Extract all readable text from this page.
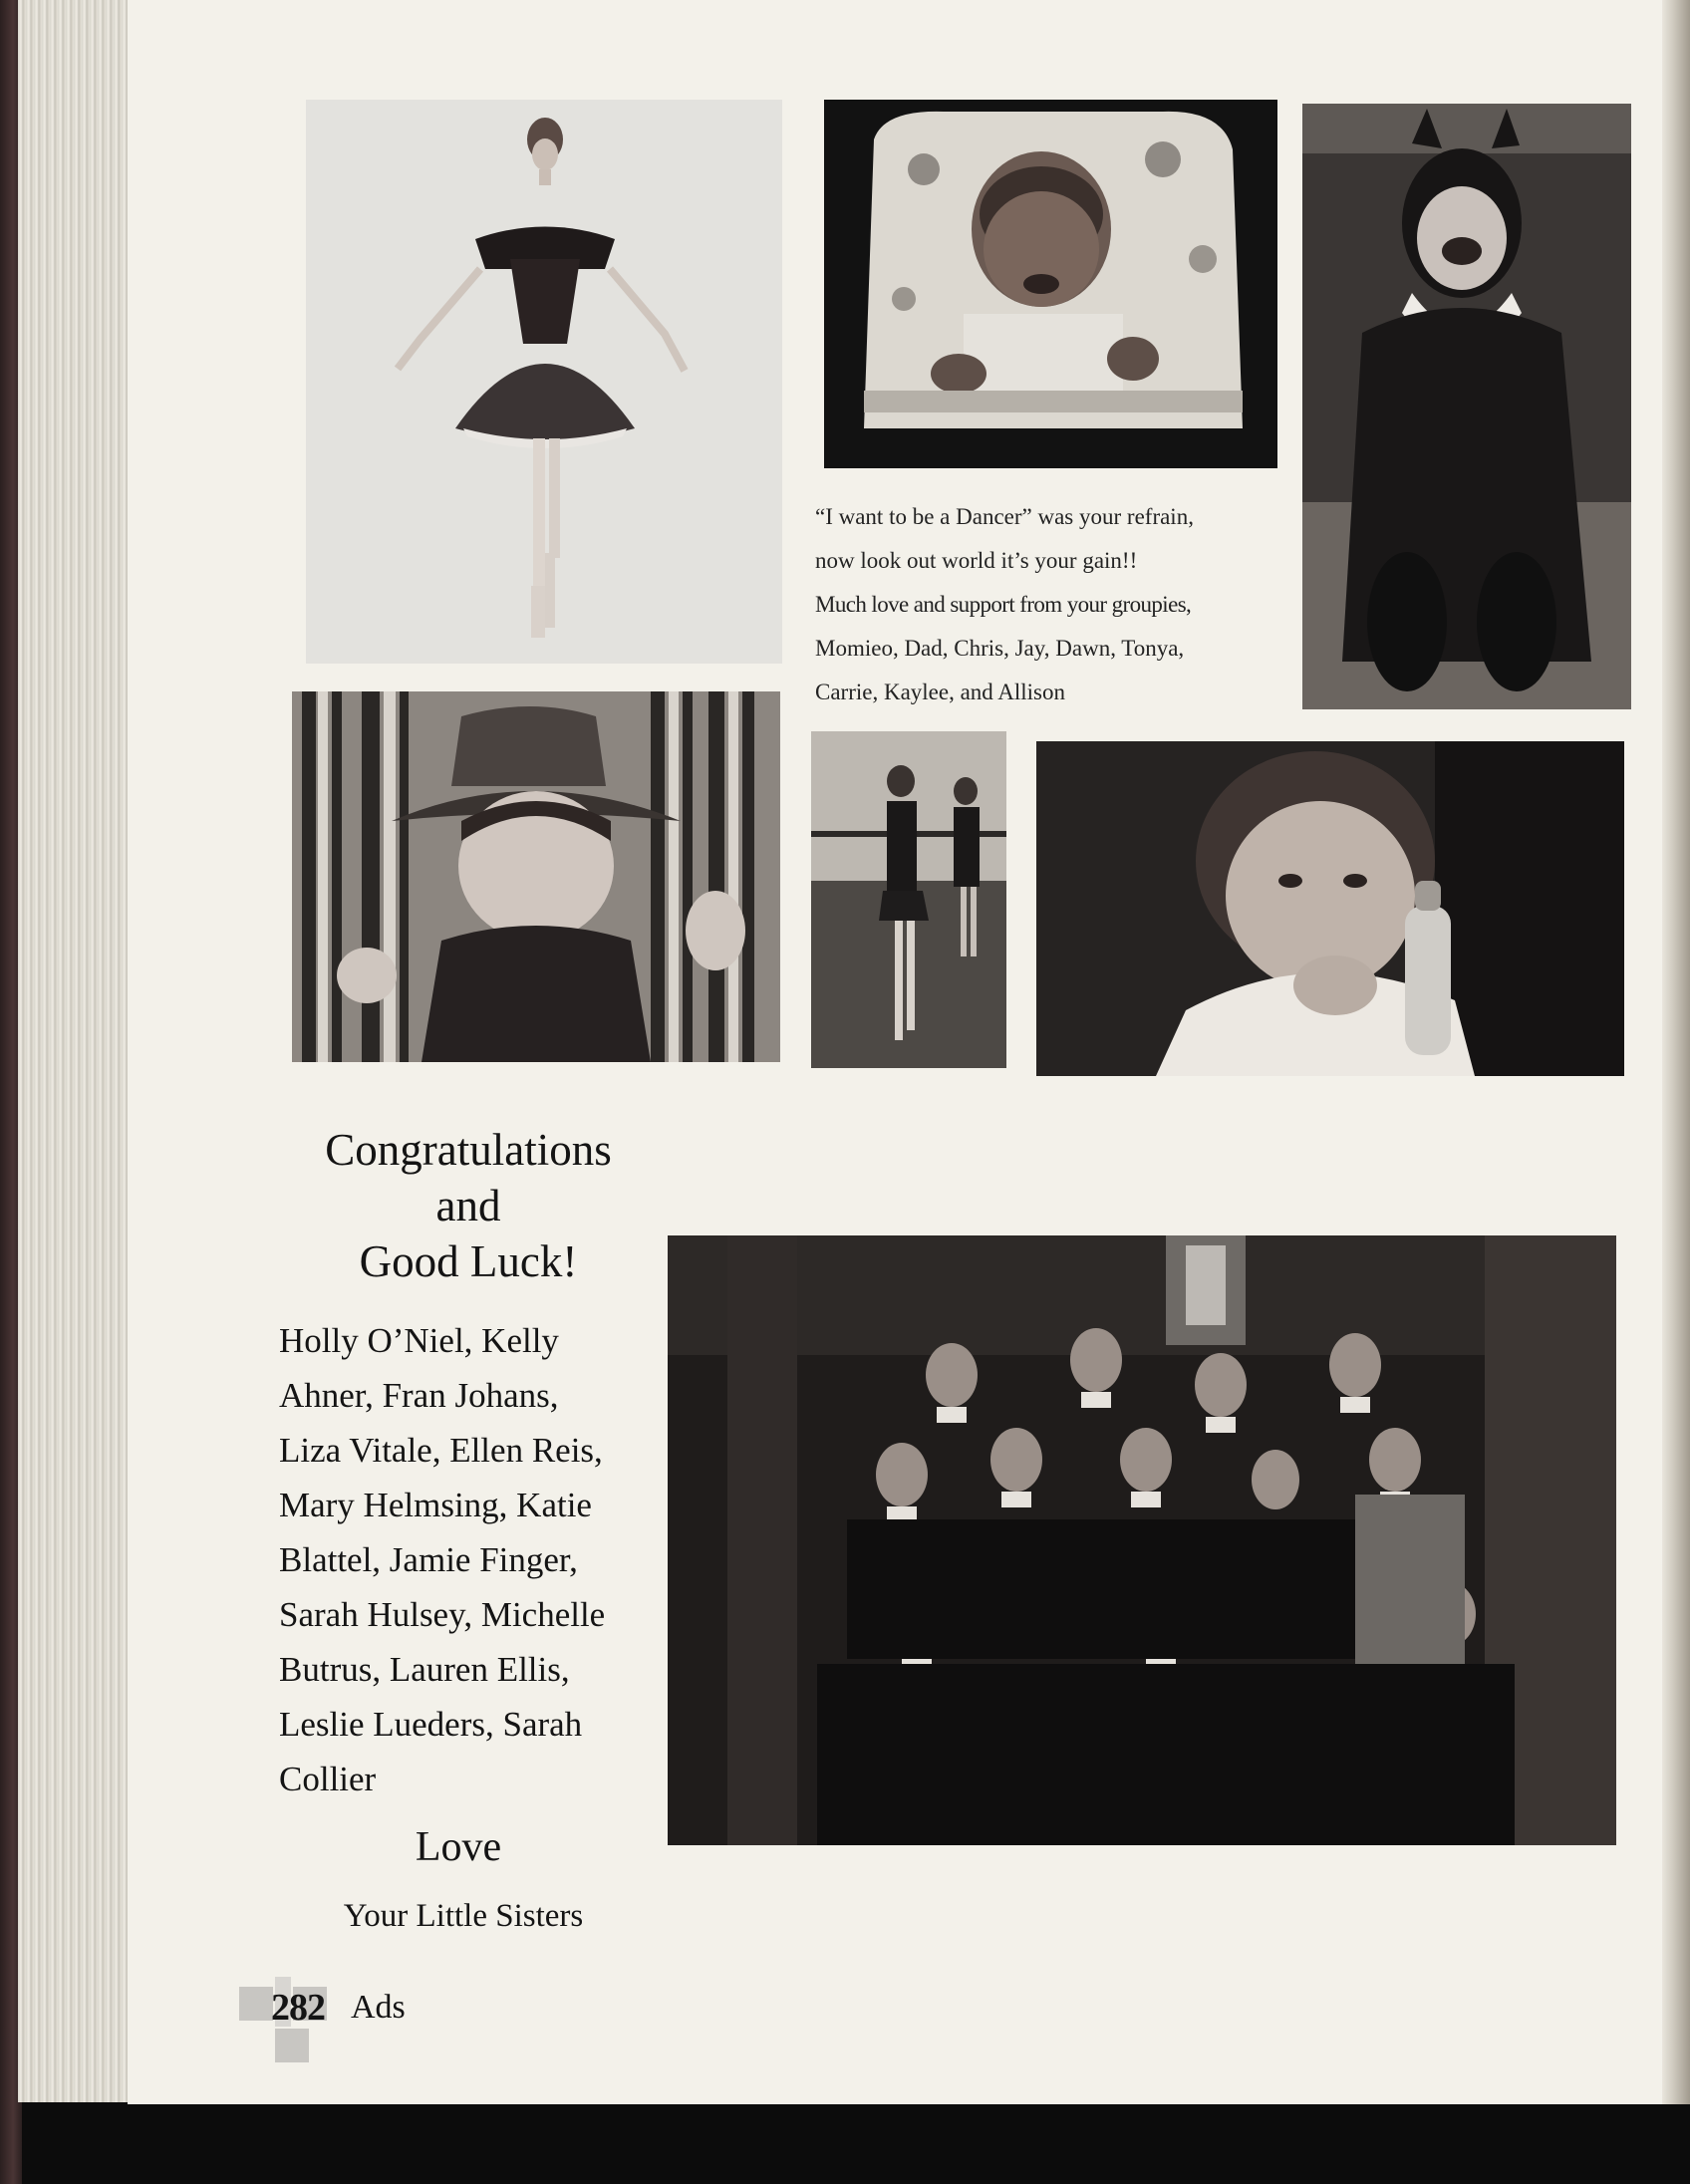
“I want to be a Dancer” was your refrain,

now look out world it’s your gain!!

Much love and support from your groupies,

Momieo, Dad, Chris, Jay, Dawn, Tonya,

Carrie, Kaylee, and Allison

Congratulations
and
Good Luck!
Holly O’Niel, Kelly
Ahner, Fran Johans,
Liza Vitale, Ellen Reis,
Mary Helmsing, Katie
Blattel, Jamie Finger,
Sarah Hulsey, Michelle
Butrus, Lauren Ellis,
Leslie Lueders, Sarah
Collier
Love
Your Little Sisters
282 Ads
